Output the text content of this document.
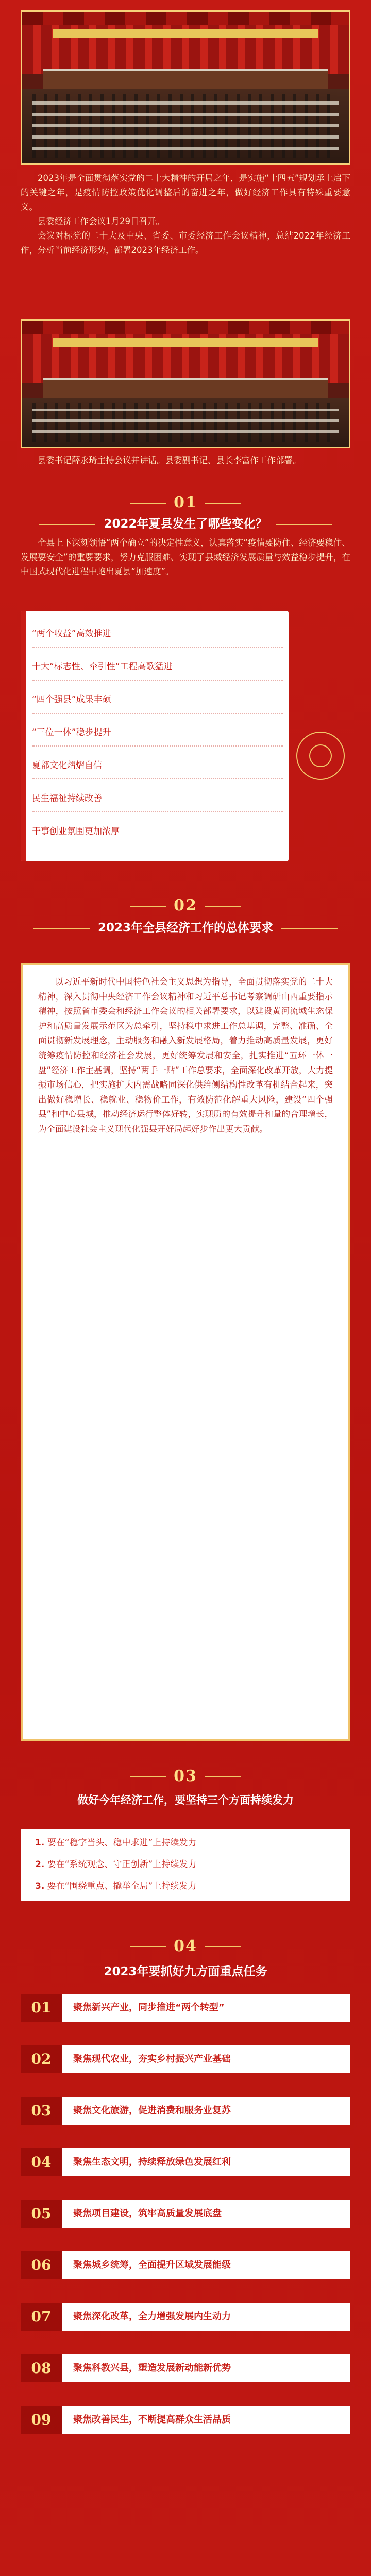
2023年是全面贯彻落实党的二十大精神的开局之年，是实施“十四五”规划承上启下的关键之年，是疫情防控政策优化调整后的奋进之年，做好经济工作具有特殊重要意义。

县委经济工作会议1月29日召开。

会议对标党的二十大及中央、省委、市委经济工作会议精神，总结2022年经济工作，分析当前经济形势，部署2023年经济工作。

县委书记薛永琦主持会议并讲话。县委副书记、县长李富作工作部署。
01
2022年夏县发生了哪些变化？

全县上下深刻领悟“两个确立”的决定性意义，认真落实“疫情要防住、经济要稳住、发展要安全”的重要要求，努力克服困难、实现了县域经济发展质量与效益稳步提升，在中国式现代化进程中跑出夏县“加速度”。

“两个收益”高效推进
十大“标志性、牵引性”工程高歌猛进
“四个强县”成果丰硕
“三位一体”稳步提升
夏都文化熠熠自信
民生福祉持续改善
干事创业氛围更加浓厚
02
2023年全县经济工作的总体要求
以习近平新时代中国特色社会主义思想为指导，全面贯彻落实党的二十大精神，深入贯彻中央经济工作会议精神和习近平总书记考察调研山西重要指示精神，按照省市委会和经济工作会议的相关部署要求，以建设黄河流域生态保护和高质量发展示范区为总牵引，坚持稳中求进工作总基调，完整、准确、全面贯彻新发展理念，主动服务和融入新发展格局，着力推动高质量发展，更好统筹疫情防控和经济社会发展，更好统筹发展和安全，扎实推进“五环一体一盘”经济工作主基调，坚持“两手一贴”工作总要求，全面深化改革开放，大力提振市场信心，把实施扩大内需战略同深化供给侧结构性改革有机结合起来，突出做好稳增长、稳就业、稳物价工作，有效防范化解重大风险，建设“四个强县”和中心县城，推动经济运行整体好转，实现质的有效提升和量的合理增长，为全面建设社会主义现代化强县开好局起好步作出更大贡献。
03
做好今年经济工作，要坚持三个方面持续发力
1. 要在“稳字当头、稳中求进”上持续发力
2. 要在“系统观念、守正创新”上持续发力
3. 要在“围绕重点、撬举全局”上持续发力
04
2023年要抓好九方面重点任务
01	聚焦新兴产业，同步推进“两个转型”
02	聚焦现代农业，夯实乡村振兴产业基础
03	聚焦文化旅游，促进消费和服务业复苏
04	聚焦生态文明，持续释放绿色发展红利
05	聚焦项目建设，筑牢高质量发展底盘
06	聚焦城乡统筹，全面提升区域发展能级
07	聚焦深化改革，全力增强发展内生动力
08	聚焦科教兴县，塑造发展新动能新优势
09	聚焦改善民生，不断提高群众生活品质
